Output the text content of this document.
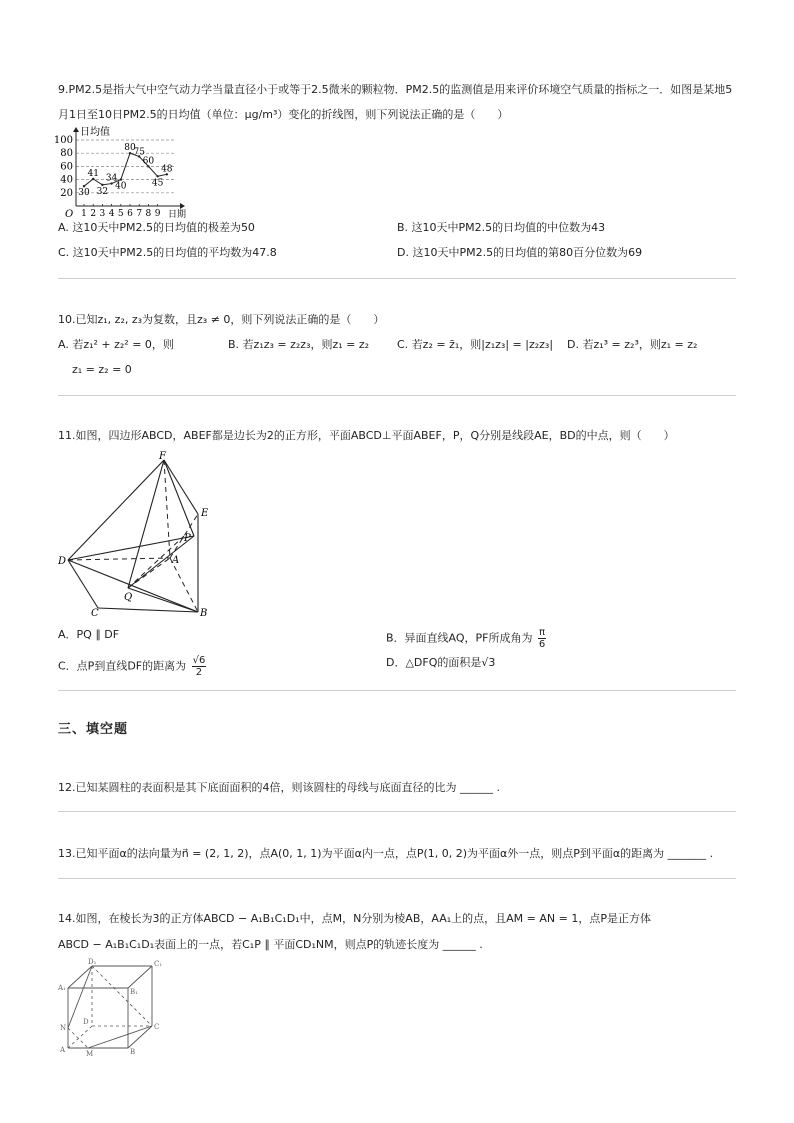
9.PM2.5是指大气中空气动力学当量直径小于或等于2.5微米的颗粒物．PM2.5的监测值是用来评价环境空气质量的指标之一．如图是某地5
月1日至10日PM2.5的日均值（单位：μg/m³）变化的折线图，则下列说法正确的是（　　）
日均值
日期
O
20
40
60
80
100
1 2 3 4 5 6 7 8 9
30
41
32
34
40
80
75
60
45
48
A. 这10天中PM2.5的日均值的极差为50	B. 这10天中PM2.5的日均值的中位数为43
C. 这10天中PM2.5的日均值的平均数为47.8	D. 这10天中PM2.5的日均值的第80百分位数为69
10.已知z₁, z₂, z₃为复数，且z₃ ≠ 0，则下列说法正确的是（　　）
A. 若z₁² + z₂² = 0，则	B. 若z₁z₃ = z₂z₃，则z₁ = z₂	C. 若z₂ = z̄₁，则|z₁z₃| = |z₂z₃| D. 若z₁³ = z₂³，则z₁ = z₂
z₁ = z₂ = 0
11.如图，四边形ABCD，ABEF都是边长为2的正方形，平面ABCD⊥平面ABEF，P，Q分别是线段AE，BD的中点，则（　　）
F
E
P
D	A
Q
C	B
A．PQ ∥ DF	B．异面直线AQ，PF所成角为 $\frac{\pi}{6}$
C．点P到直线DF的距离为 $\frac{√6}{2}$	D．△DFQ的面积是√3
三、填空题
12.已知某圆柱的表面积是其下底面面积的4倍，则该圆柱的母线与底面直径的比为 ______ .
13.已知平面α的法向量为n⃗ = (2, 1, 2)，点A(0, 1, 1)为平面α内一点，点P(1, 0, 2)为平面α外一点，则点P到平面α的距离为 _______ .
14.如图，在棱长为3的正方体ABCD − A₁B₁C₁D₁中，点M，N分别为棱AB，AA₁上的点，且AM = AN = 1，点P是正方体
ABCD − A₁B₁C₁D₁表面上的一点，若C₁P ∥ 平面CD₁NM，则点P的轨迹长度为 ______ .
D₁	C₁
A₁	B₁
N
D
C
A	M	B
